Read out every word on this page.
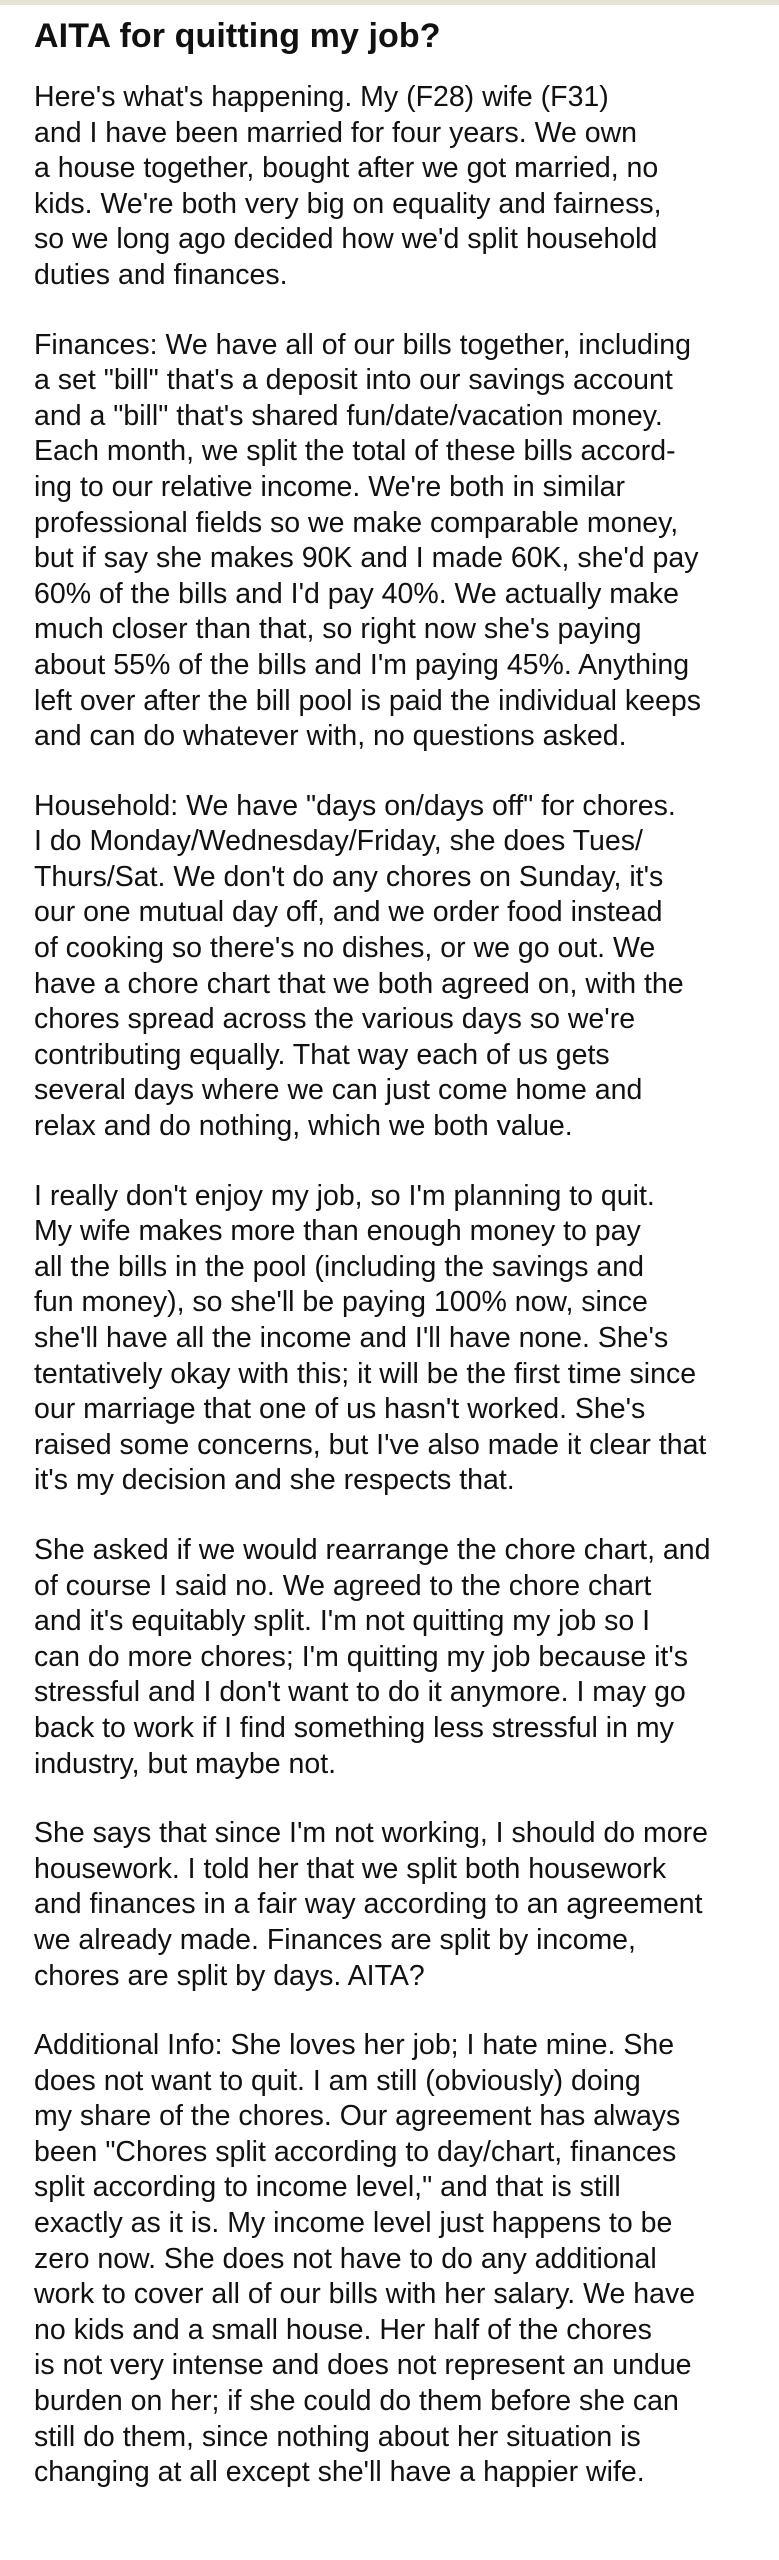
AITA for quitting my job?

Here's what's happening. My (F28) wife (F31)
and I have been married for four years. We own
a house together, bought after we got married, no
kids. We're both very big on equality and fairness,
so we long ago decided how we'd split household
duties and finances.

Finances: We have all of our bills together, including
a set "bill" that's a deposit into our savings account
and a "bill" that's shared fun/date/vacation money.
Each month, we split the total of these bills accord-
ing to our relative income. We're both in similar
professional fields so we make comparable money,
but if say she makes 90K and I made 60K, she'd pay
60% of the bills and I'd pay 40%. We actually make
much closer than that, so right now she's paying
about 55% of the bills and I'm paying 45%. Anything
left over after the bill pool is paid the individual keeps
and can do whatever with, no questions asked.

Household: We have "days on/days off" for chores.
I do Monday/Wednesday/Friday, she does Tues/
Thurs/Sat. We don't do any chores on Sunday, it's
our one mutual day off, and we order food instead
of cooking so there's no dishes, or we go out. We
have a chore chart that we both agreed on, with the
chores spread across the various days so we're
contributing equally. That way each of us gets
several days where we can just come home and
relax and do nothing, which we both value.

I really don't enjoy my job, so I'm planning to quit.
My wife makes more than enough money to pay
all the bills in the pool (including the savings and
fun money), so she'll be paying 100% now, since
she'll have all the income and I'll have none. She's
tentatively okay with this; it will be the first time since
our marriage that one of us hasn't worked. She's
raised some concerns, but I've also made it clear that
it's my decision and she respects that.

She asked if we would rearrange the chore chart, and
of course I said no. We agreed to the chore chart
and it's equitably split. I'm not quitting my job so I
can do more chores; I'm quitting my job because it's
stressful and I don't want to do it anymore. I may go
back to work if I find something less stressful in my
industry, but maybe not.

She says that since I'm not working, I should do more
housework. I told her that we split both housework
and finances in a fair way according to an agreement
we already made. Finances are split by income,
chores are split by days. AITA?

Additional Info: She loves her job; I hate mine. She
does not want to quit. I am still (obviously) doing
my share of the chores. Our agreement has always
been "Chores split according to day/chart, finances
split according to income level," and that is still
exactly as it is. My income level just happens to be
zero now. She does not have to do any additional
work to cover all of our bills with her salary. We have
no kids and a small house. Her half of the chores
is not very intense and does not represent an undue
burden on her; if she could do them before she can
still do them, since nothing about her situation is
changing at all except she'll have a happier wife.
